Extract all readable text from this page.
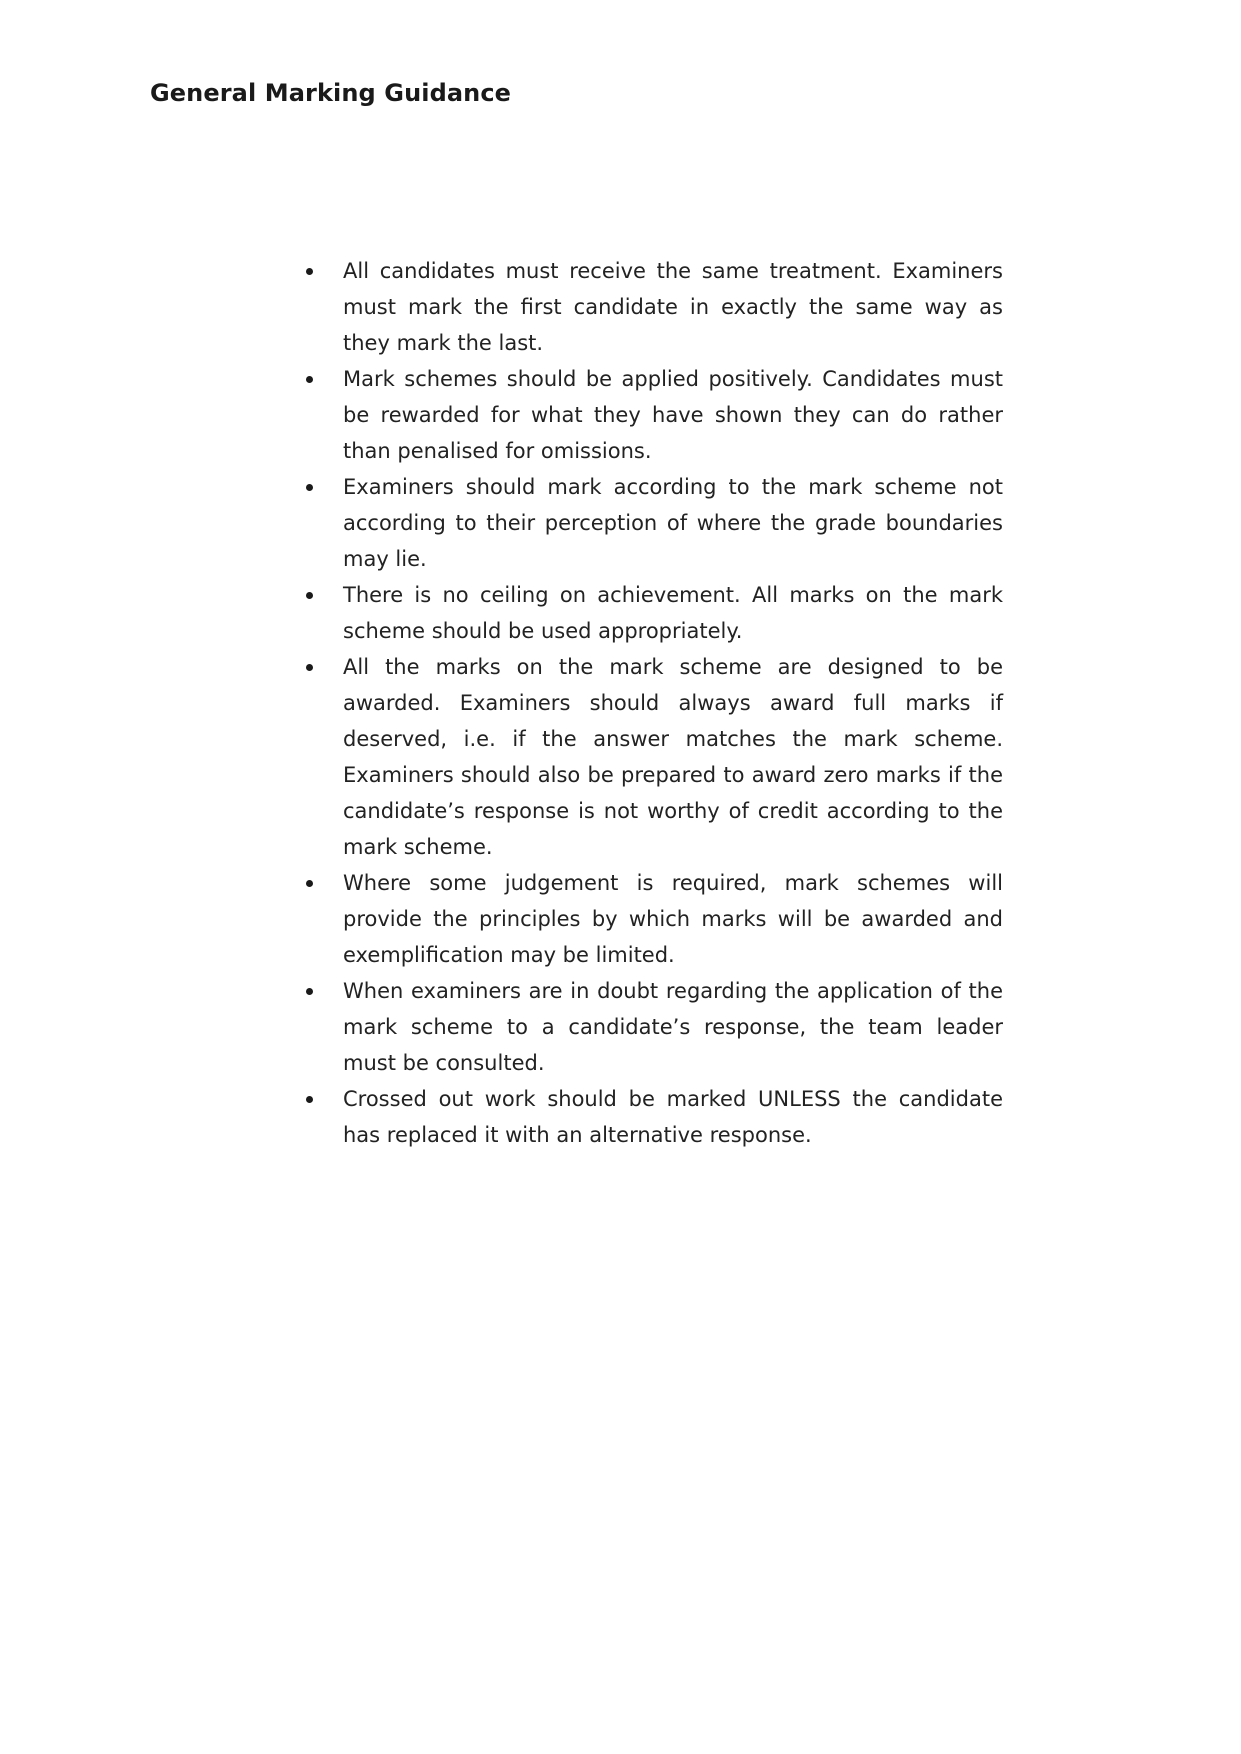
General Marking Guidance
All candidates must receive the same treatment. Examiners must mark the first candidate in exactly the same way as they mark the last.
Mark schemes should be applied positively. Candidates must be rewarded for what they have shown they can do rather than penalised for omissions.
Examiners should mark according to the mark scheme not according to their perception of where the grade boundaries may lie.
There is no ceiling on achievement. All marks on the mark scheme should be used appropriately.
All the marks on the mark scheme are designed to be awarded. Examiners should always award full marks if deserved, i.e. if the answer matches the mark scheme. Examiners should also be prepared to award zero marks if the candidate’s response is not worthy of credit according to the mark scheme.
Where some judgement is required, mark schemes will provide the principles by which marks will be awarded and exemplification may be limited.
When examiners are in doubt regarding the application of the mark scheme to a candidate’s response, the team leader must be consulted.
Crossed out work should be marked UNLESS the candidate has replaced it with an alternative response.
